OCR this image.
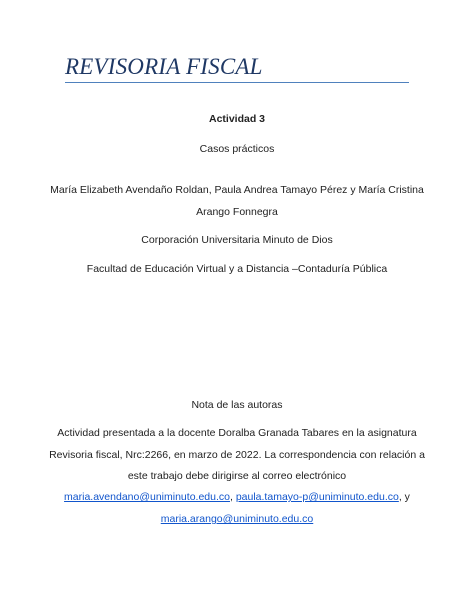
REVISORIA FISCAL
Actividad 3
Casos prácticos
María Elizabeth Avendaño Roldan, Paula Andrea Tamayo Pérez y María Cristina
Arango Fonnegra
Corporación Universitaria Minuto de Dios
Facultad de Educación Virtual y a Distancia –Contaduría Pública
Nota de las autoras
Actividad presentada a la docente Doralba Granada Tabares en la asignatura
Revisoria fiscal, Nrc:2266, en marzo de 2022. La correspondencia con relación a
este trabajo debe dirigirse al correo electrónico
maria.avendano@uniminuto.edu.co, paula.tamayo-p@uniminuto.edu.co, y
maria.arango@uniminuto.edu.co
